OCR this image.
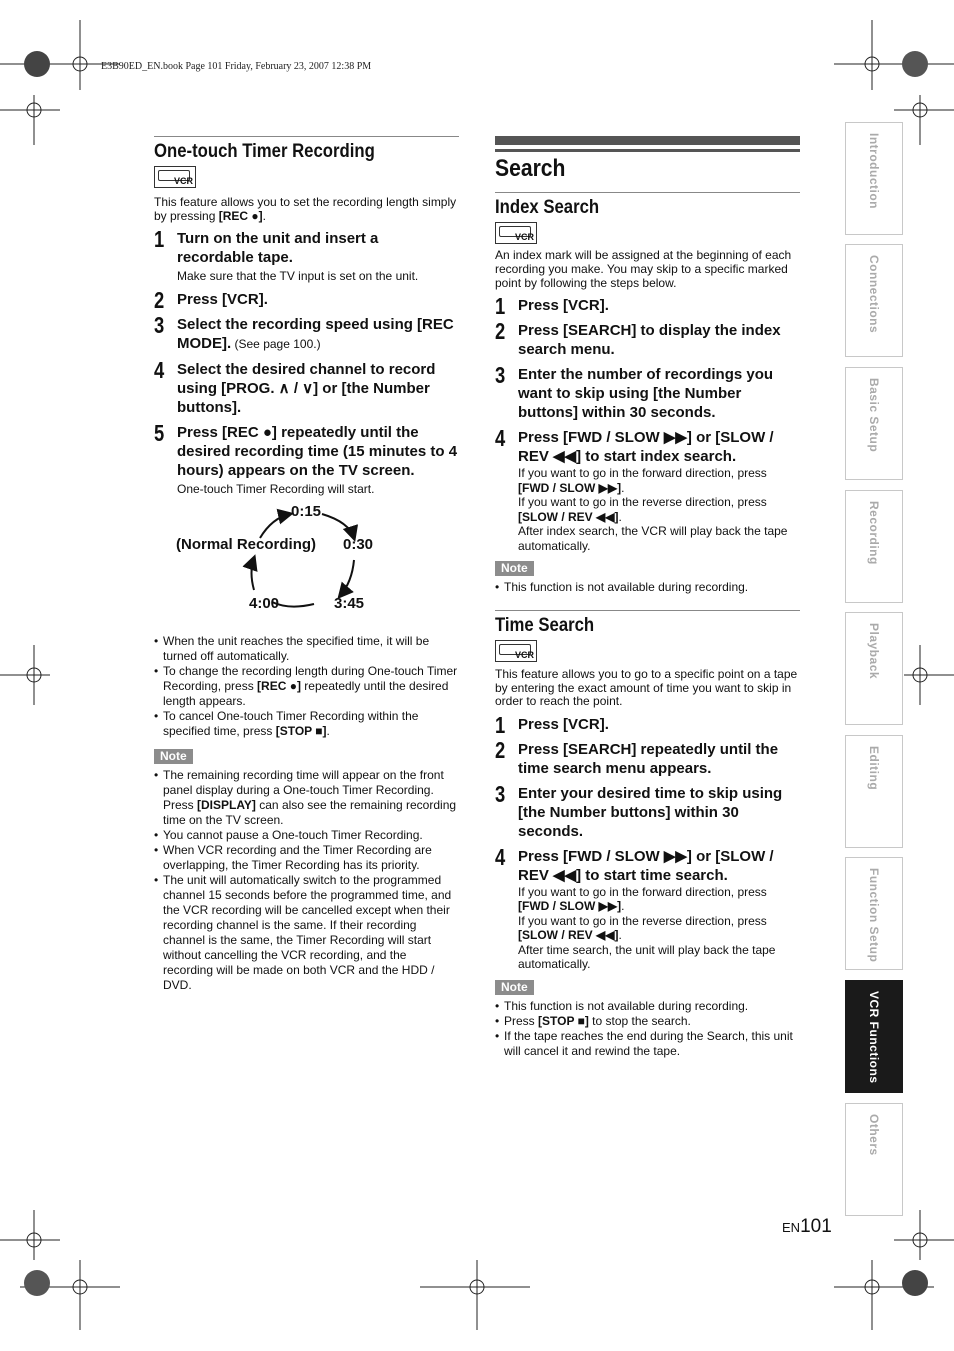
E3B90ED_EN.book Page 101 Friday, February 23, 2007 12:38 PM
One-touch Timer Recording
VCR
This feature allows you to set the recording length simply by pressing [REC ●].
1 Turn on the unit and insert a recordable tape.
Make sure that the TV input is set on the unit.
2 Press [VCR].
3 Select the recording speed using [REC MODE]. (See page 100.)
4 Select the desired channel to record using [PROG. ∧ / ∨] or [the Number buttons].
5 Press [REC ●] repeatedly until the desired recording time (15 minutes to 4 hours) appears on the TV screen.
One-touch Timer Recording will start.
0:15
(Normal Recording) 0:30
4:00	3:45
• When the unit reaches the specified time, it will be turned off automatically.
• To change the recording length during One-touch Timer Recording, press [REC ●] repeatedly until the desired length appears.
• To cancel One-touch Timer Recording within the specified time, press [STOP ■].
Note
• The remaining recording time will appear on the front panel display during a One-touch Timer Recording. Press [DISPLAY] can also see the remaining recording time on the TV screen.
• You cannot pause a One-touch Timer Recording.
• When VCR recording and the Timer Recording are overlapping, the Timer Recording has its priority.
• The unit will automatically switch to the programmed channel 15 seconds before the programmed time, and the VCR recording will be cancelled except when their recording channel is the same. If their recording channel is the same, the Timer Recording will start without cancelling the VCR recording, and the recording will be made on both VCR and the HDD / DVD.
Search
Index Search
VCR
An index mark will be assigned at the beginning of each recording you make. You may skip to a specific marked point by following the steps below.
1 Press [VCR].
2 Press [SEARCH] to display the index search menu.
3 Enter the number of recordings you want to skip using [the Number buttons] within 30 seconds.
4 Press [FWD / SLOW ▶▶] or [SLOW / REV ◀◀] to start index search.
If you want to go in the forward direction, press [FWD / SLOW ▶▶].
If you want to go in the reverse direction, press [SLOW / REV ◀◀].
After index search, the VCR will play back the tape automatically.
Note
• This function is not available during recording.
Time Search
VCR
This feature allows you to go to a specific point on a tape by entering the exact amount of time you want to skip in order to reach the point.
1 Press [VCR].
2 Press [SEARCH] repeatedly until the time search menu appears.
3 Enter your desired time to skip using [the Number buttons] within 30 seconds.
4 Press [FWD / SLOW ▶▶] or [SLOW / REV ◀◀] to start time search.
If you want to go in the forward direction, press [FWD / SLOW ▶▶].
If you want to go in the reverse direction, press [SLOW / REV ◀◀].
After time search, the unit will play back the tape automatically.
Note
• This function is not available during recording.
• Press [STOP ■] to stop the search.
• If the tape reaches the end during the Search, this unit will cancel it and rewind the tape.
Introduction
Connections
Basic Setup
Recording
Playback
Editing
Function Setup
VCR Functions
Others
EN101
